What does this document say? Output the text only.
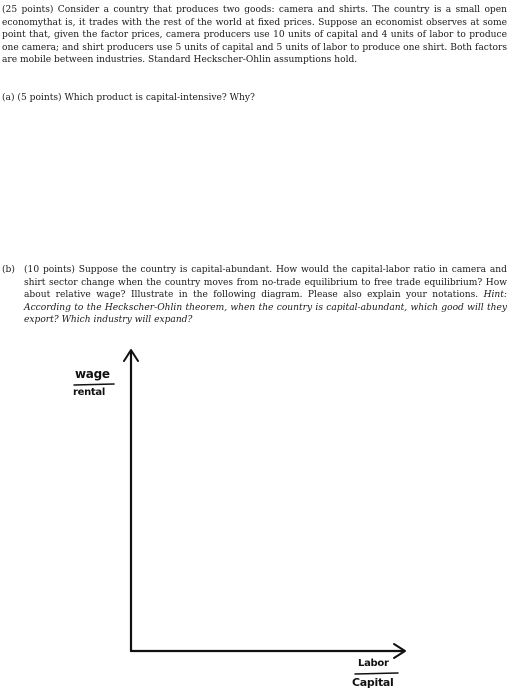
(25 points) Consider a country that produces two goods: camera and shirts. The country is a small open economythat is, it trades with the rest of the world at fixed prices. Suppose an economist observes at some point that, given the factor prices, camera producers use 10 units of capital and 4 units of labor to produce one camera; and shirt producers use 5 units of capital and 5 units of labor to produce one shirt. Both factors are mobile between industries. Standard Heckscher-Ohlin assumptions hold.

(a) (5 points) Which product is capital-intensive? Why?

(b) (10 points) Suppose the country is capital-abundant. How would the capital-labor ratio in camera and shirt sector change when the country moves from no-trade equilibrium to free trade equilibrium? How about relative wage? Illustrate in the following diagram. Please also explain your notations. Hint: According to the Heckscher-Ohlin theorem, when the country is capital-abundant, which good will they export? Which industry will expand?
wage
rental
Labor
Capital
